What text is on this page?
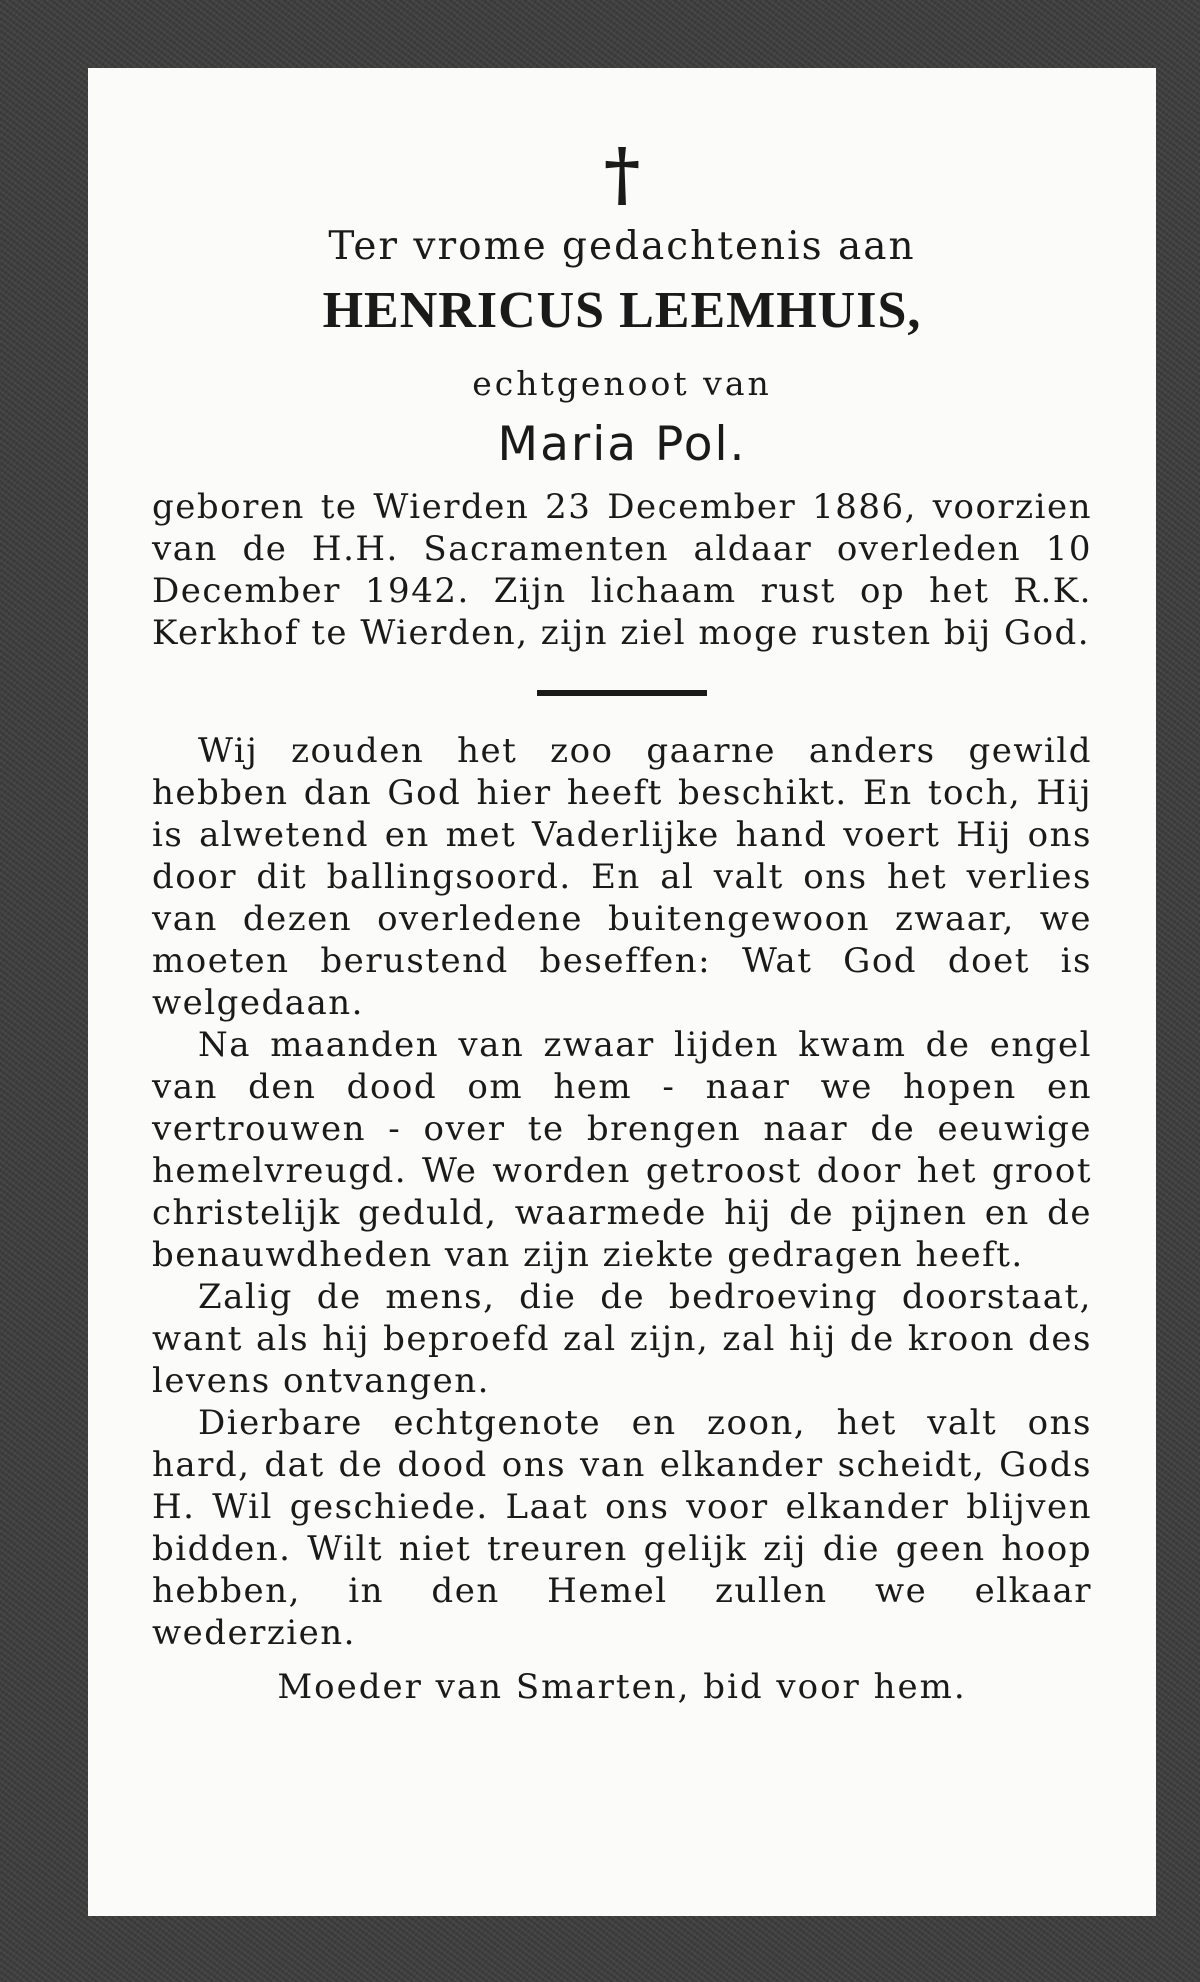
†
Ter vrome gedachtenis aan
HENRICUS LEEMHUIS,
echtgenoot van
Maria Pol.
geboren te Wierden 23 December 1886, voorzien van de H.H. Sacramenten aldaar overleden 10 December 1942. Zijn lichaam rust op het R.K. Kerkhof te Wierden, zijn ziel moge rusten bij God.

Wij zouden het zoo gaarne anders gewild hebben dan God hier heeft beschikt. En toch, Hij is alwetend en met Vaderlijke hand voert Hij ons door dit ballingsoord. En al valt ons het verlies van dezen overledene buitengewoon zwaar, we moeten berustend beseffen: Wat God doet is welgedaan.

Na maanden van zwaar lijden kwam de engel van den dood om hem - naar we hopen en vertrouwen - over te brengen naar de eeuwige hemelvreugd. We worden getroost door het groot christelijk geduld, waarmede hij de pijnen en de benauwdheden van zijn ziekte gedragen heeft.

Zalig de mens, die de bedroeving doorstaat, want als hij beproefd zal zijn, zal hij de kroon des levens ontvangen.

Dierbare echtgenote en zoon, het valt ons hard, dat de dood ons van elkander scheidt, Gods H. Wil geschiede. Laat ons voor elkander blijven bidden. Wilt niet treuren gelijk zij die geen hoop hebben, in den Hemel zullen we elkaar wederzien.

Moeder van Smarten, bid voor hem.
